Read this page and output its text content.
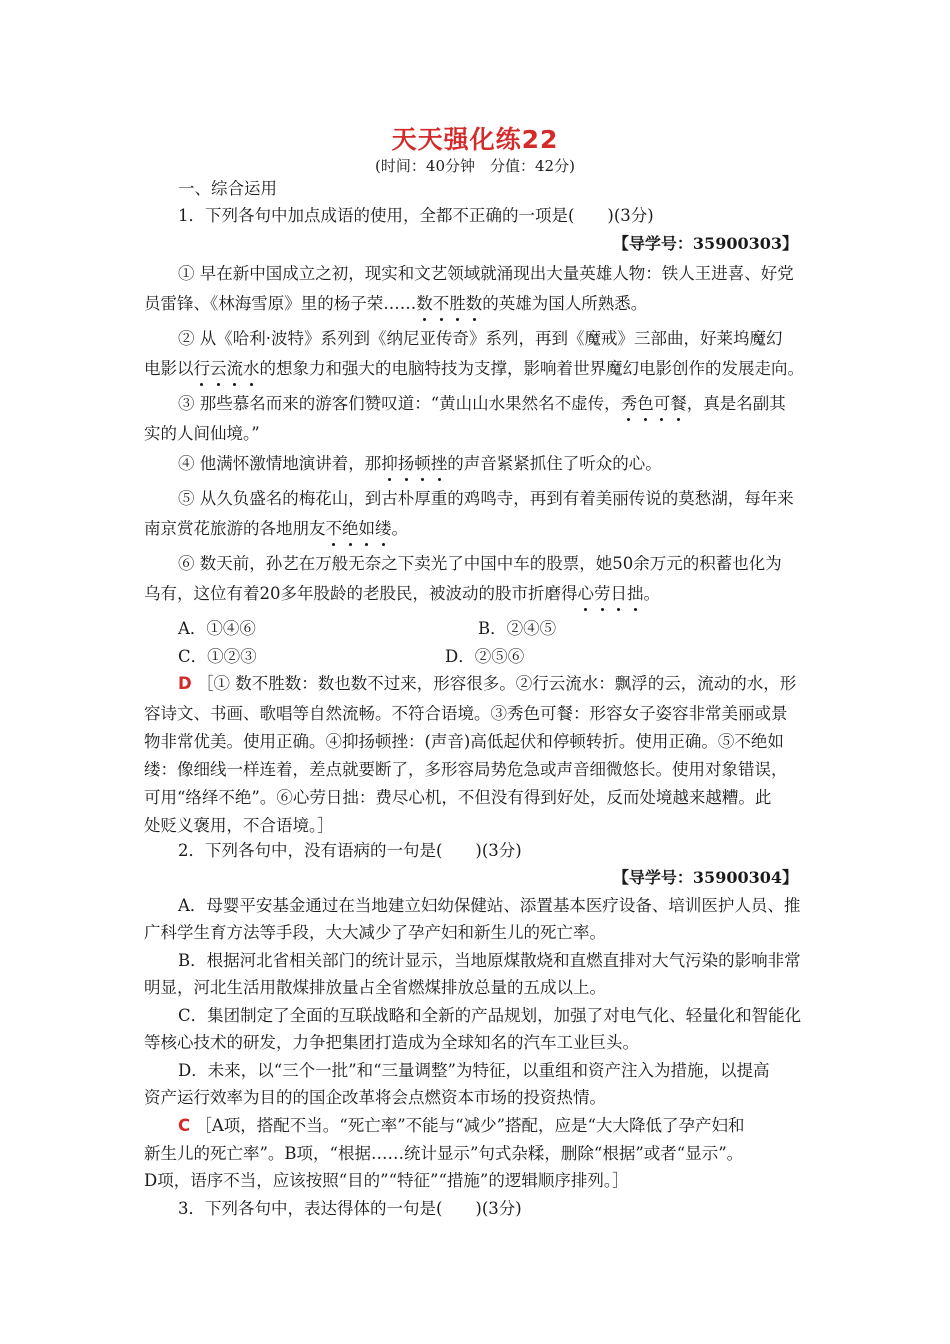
天天强化练22
(时间：40分钟　分值：42分)
一、综合运用
1．下列各句中加点成语的使用，全都不正确的一项是(　　)(3分)
【导学号：35900303】
① 早在新中国成立之初，现实和文艺领域就涌现出大量英雄人物：铁人王进喜、好党
员雷锋、《林海雪原》里的杨子荣……数不胜数的英雄为国人所熟悉。
② 从《哈利·波特》系列到《纳尼亚传奇》系列，再到《魔戒》三部曲，好莱坞魔幻
电影以行云流水的想象力和强大的电脑特技为支撑，影响着世界魔幻电影创作的发展走向。
③ 那些慕名而来的游客们赞叹道：“黄山山水果然名不虚传，秀色可餐，真是名副其
实的人间仙境。”
④ 他满怀激情地演讲着，那抑扬顿挫的声音紧紧抓住了听众的心。
⑤ 从久负盛名的梅花山，到古朴厚重的鸡鸣寺，再到有着美丽传说的莫愁湖，每年来
南京赏花旅游的各地朋友不绝如缕。
⑥ 数天前，孙艺在万般无奈之下卖光了中国中车的股票，她50余万元的积蓄也化为
乌有，这位有着20多年股龄的老股民，被波动的股市折磨得心劳日拙。
A．①④⑥	B．②④⑤
C．①②③	D．②⑤⑥
D ［① 数不胜数：数也数不过来，形容很多。②行云流水：飘浮的云，流动的水，形
容诗文、书画、歌唱等自然流畅。不符合语境。③秀色可餐：形容女子姿容非常美丽或景
物非常优美。使用正确。④抑扬顿挫：(声音)高低起伏和停顿转折。使用正确。⑤不绝如
缕：像细线一样连着，差点就要断了，多形容局势危急或声音细微悠长。使用对象错误，
可用“络绎不绝”。⑥心劳日拙：费尽心机，不但没有得到好处，反而处境越来越糟。此
处贬义褒用，不合语境。］
2．下列各句中，没有语病的一句是(　　)(3分)
【导学号：35900304】
A．母婴平安基金通过在当地建立妇幼保健站、添置基本医疗设备、培训医护人员、推
广科学生育方法等手段，大大减少了孕产妇和新生儿的死亡率。
B．根据河北省相关部门的统计显示，当地原煤散烧和直燃直排对大气污染的影响非常
明显，河北生活用散煤排放量占全省燃煤排放总量的五成以上。
C．集团制定了全面的互联战略和全新的产品规划，加强了对电气化、轻量化和智能化
等核心技术的研发，力争把集团打造成为全球知名的汽车工业巨头。
D．未来，以“三个一批”和“三量调整”为特征，以重组和资产注入为措施，以提高
资产运行效率为目的的国企改革将会点燃资本市场的投资热情。
C ［A项，搭配不当。“死亡率”不能与“减少”搭配，应是“大大降低了孕产妇和
新生儿的死亡率”。B项，“根据……统计显示”句式杂糅，删除“根据”或者“显示”。
D项，语序不当，应该按照“目的”“特征”“措施”的逻辑顺序排列。］
3．下列各句中，表达得体的一句是(　　)(3分)
